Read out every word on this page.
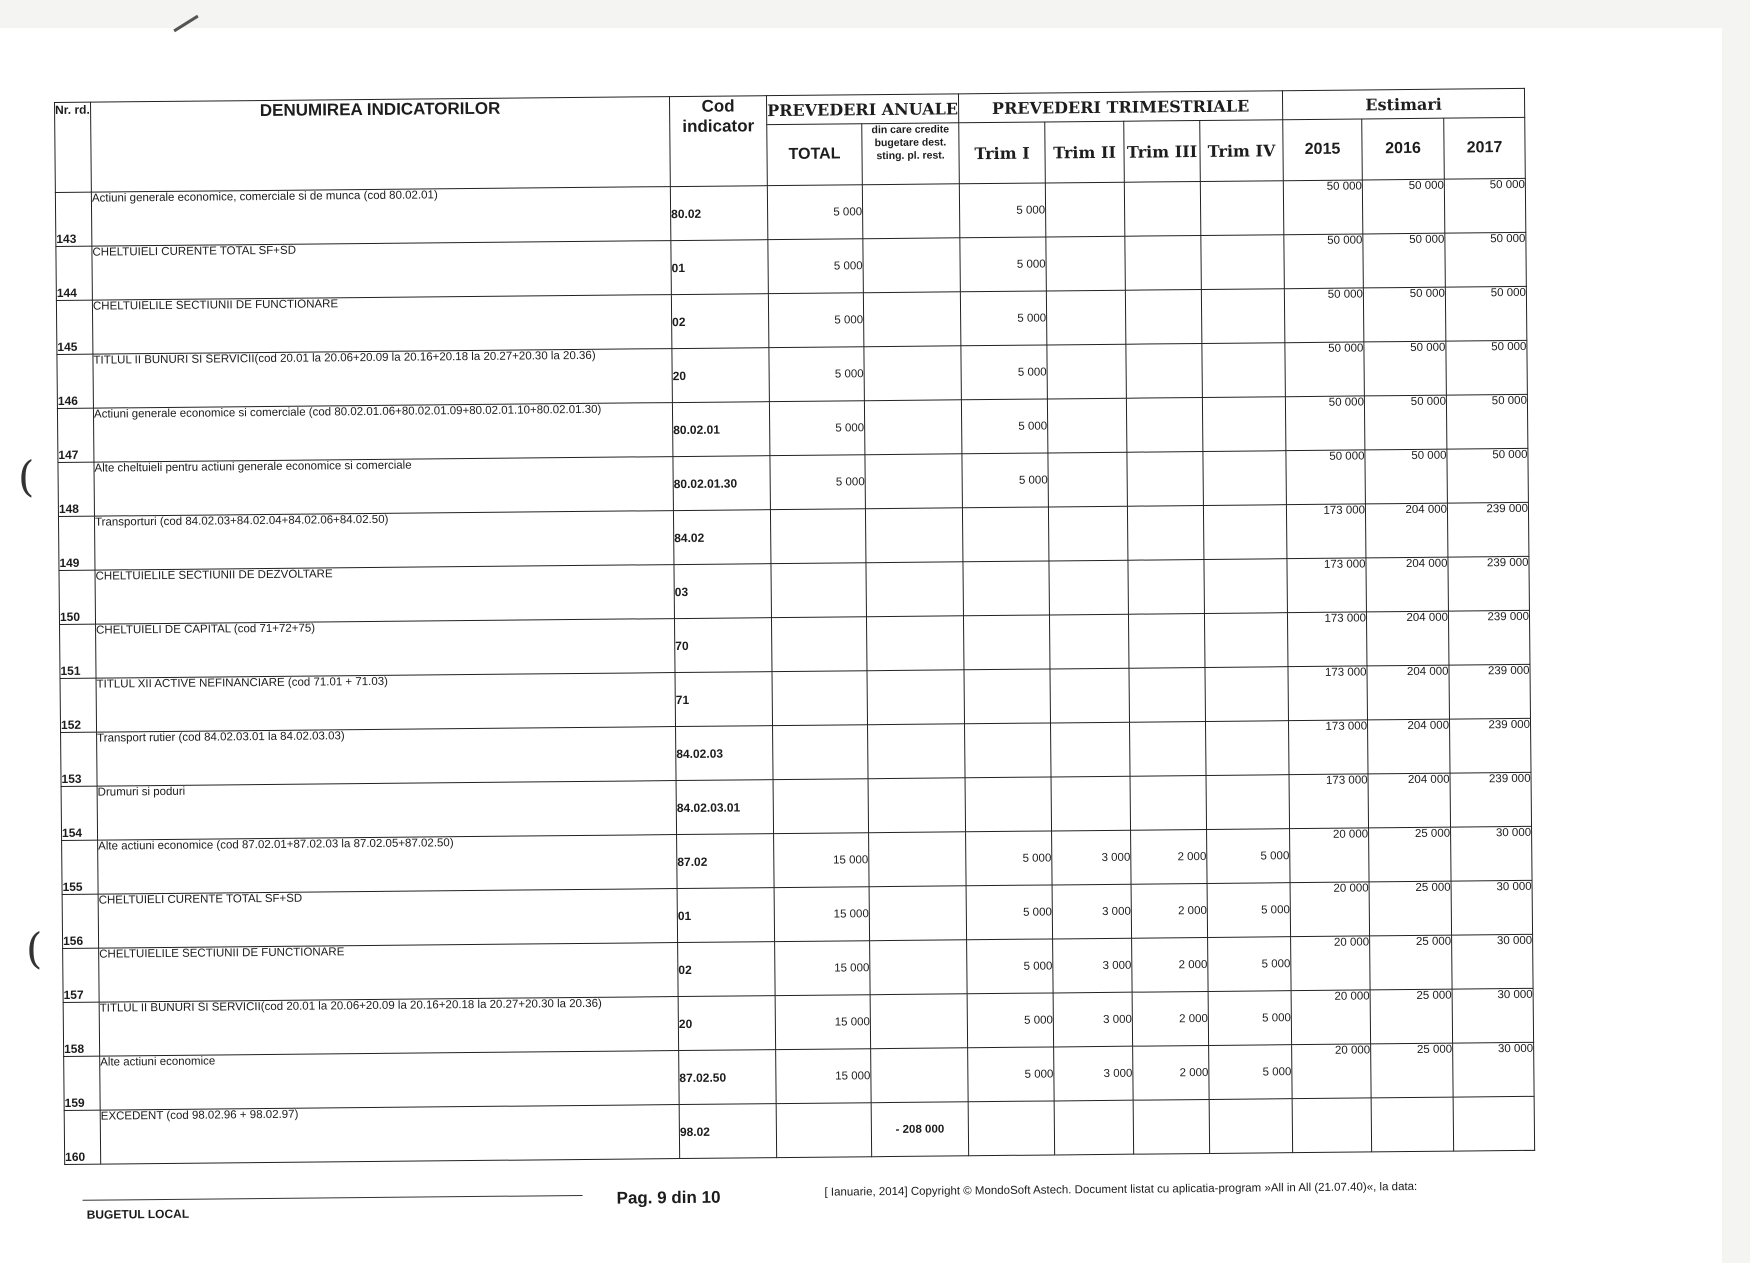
(
(
Nr. rd.	DENUMIREA INDICATORILOR	Cod indicator	PREVEDERI ANUALE		PREVEDERI TRIMESTRIALE				Estimari		
			TOTAL	din care credite bugetare dest. sting. pl. rest.	Trim I	Trim II	Trim III	Trim IV	2015	2016	2017
143	Actiuni generale economice, comerciale si de munca (cod 80.02.01)	80.02	5 000		5 000				50 000	50 000	50 000
144	CHELTUIELI CURENTE TOTAL SF+SD	01	5 000		5 000				50 000	50 000	50 000
145	CHELTUIELILE SECTIUNII DE FUNCTIONARE	02	5 000		5 000				50 000	50 000	50 000
146	TITLUL II BUNURI SI SERVICII(cod 20.01 la 20.06+20.09 la 20.16+20.18 la 20.27+20.30 la 20.36)	20	5 000		5 000				50 000	50 000	50 000
147	Actiuni generale economice si comerciale (cod 80.02.01.06+80.02.01.09+80.02.01.10+80.02.01.30)	80.02.01	5 000		5 000				50 000	50 000	50 000
148	Alte cheltuieli pentru actiuni generale economice si comerciale	80.02.01.30	5 000		5 000				50 000	50 000	50 000
149	Transporturi (cod 84.02.03+84.02.04+84.02.06+84.02.50)	84.02							173 000	204 000	239 000
150	CHELTUIELILE SECTIUNII DE DEZVOLTARE	03							173 000	204 000	239 000
151	CHELTUIELI DE CAPITAL (cod 71+72+75)	70							173 000	204 000	239 000
152	TITLUL XII ACTIVE NEFINANCIARE (cod 71.01 + 71.03)	71							173 000	204 000	239 000
153	Transport rutier (cod 84.02.03.01 la 84.02.03.03)	84.02.03							173 000	204 000	239 000
154	Drumuri si poduri	84.02.03.01							173 000	204 000	239 000
155	Alte actiuni economice (cod 87.02.01+87.02.03 la 87.02.05+87.02.50)	87.02	15 000		5 000	3 000	2 000	5 000	20 000	25 000	30 000
156	CHELTUIELI CURENTE TOTAL SF+SD	01	15 000		5 000	3 000	2 000	5 000	20 000	25 000	30 000
157	CHELTUIELILE SECTIUNII DE FUNCTIONARE	02	15 000		5 000	3 000	2 000	5 000	20 000	25 000	30 000
158	TITLUL II BUNURI SI SERVICII(cod 20.01 la 20.06+20.09 la 20.16+20.18 la 20.27+20.30 la 20.36)	20	15 000		5 000	3 000	2 000	5 000	20 000	25 000	30 000
159	Alte actiuni economice	87.02.50	15 000		5 000	3 000	2 000	5 000	20 000	25 000	30 000
160	EXCEDENT (cod 98.02.96 + 98.02.97)	98.02		- 208 000							
BUGETUL LOCAL
Pag. 9 din 10	[ Ianuarie, 2014] Copyright © MondoSoft Astech. Document listat cu aplicatia-program »All in All (21.07.40)«, la data:
